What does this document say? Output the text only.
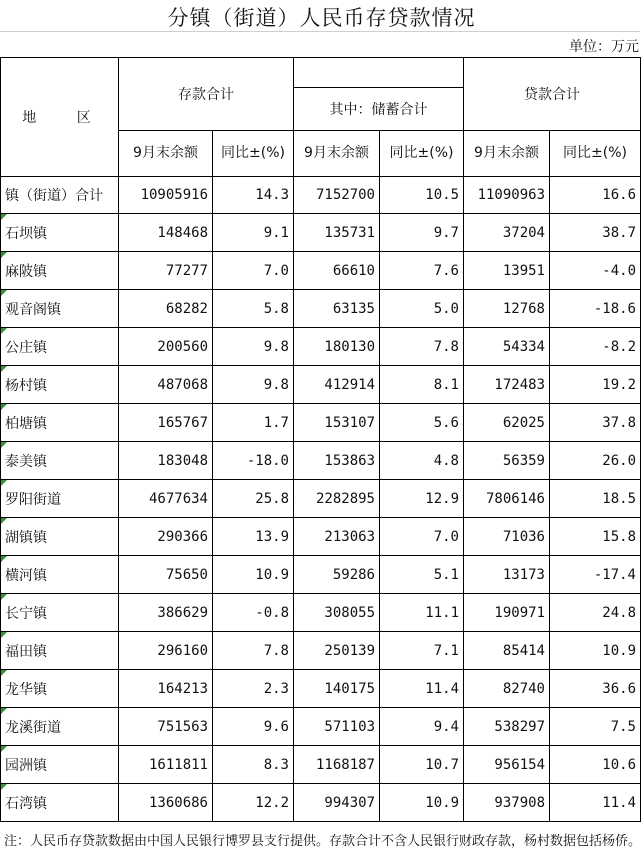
分镇（街道）人民币存贷款情况
单位：万元
地 区	存款合计				贷款合计	
			其中：储蓄合计			
	9月末余额	同比±(%)	9月末余额	同比±(%)	9月末余额	同比±(%)
镇（街道）合计	10905916	14.3	7152700	10.5	11090963	16.6

石坝镇	148468	9.1	135731	9.7	37204	38.7

麻陂镇	77277	7.0	66610	7.6	13951	-4.0

观音阁镇	68282	5.8	63135	5.0	12768	-18.6

公庄镇	200560	9.8	180130	7.8	54334	-8.2

杨村镇	487068	9.8	412914	8.1	172483	19.2

柏塘镇	165767	1.7	153107	5.6	62025	37.8

泰美镇	183048	-18.0	153863	4.8	56359	26.0

罗阳街道	4677634	25.8	2282895	12.9	7806146	18.5

湖镇镇	290366	13.9	213063	7.0	71036	15.8

横河镇	75650	10.9	59286	5.1	13173	-17.4

长宁镇	386629	-0.8	308055	11.1	190971	24.8

福田镇	296160	7.8	250139	7.1	85414	10.9

龙华镇	164213	2.3	140175	11.4	82740	36.6

龙溪街道	751563	9.6	571103	9.4	538297	7.5

园洲镇	1611811	8.3	1168187	10.7	956154	10.6

石湾镇	1360686	12.2	994307	10.9	937908	11.4
注：人民币存贷款数据由中国人民银行博罗县支行提供。存款合计不含人民银行财政存款，杨村数据包括杨侨。
